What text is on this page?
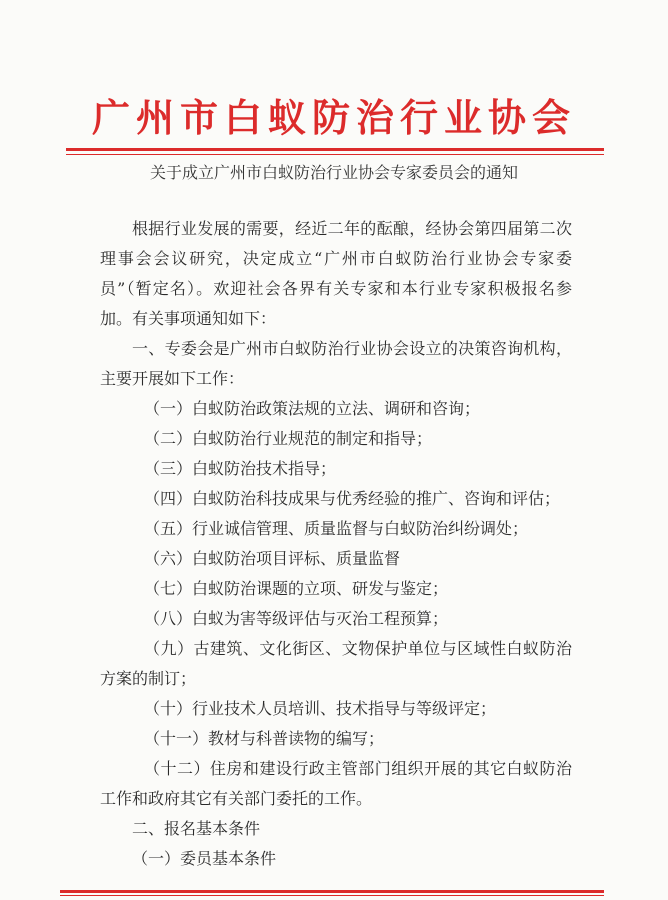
广州市白蚁防治行业协会
关于成立广州市白蚁防治行业协会专家委员会的通知

根据行业发展的需要，经近二年的酝酿，经协会第四届第二次理事会会议研究，决定成立“广州市白蚁防治行业协会专家委员”（暂定名）。欢迎社会各界有关专家和本行业专家积极报名参加。有关事项通知如下：

一、专委会是广州市白蚁防治行业协会设立的决策咨询机构，主要开展如下工作：

（一）白蚁防治政策法规的立法、调研和咨询；

（二）白蚁防治行业规范的制定和指导；

（三）白蚁防治技术指导；

（四）白蚁防治科技成果与优秀经验的推广、咨询和评估；

（五）行业诚信管理、质量监督与白蚁防治纠纷调处；

（六）白蚁防治项目评标、质量监督

（七）白蚁防治课题的立项、研发与鉴定；

（八）白蚁为害等级评估与灭治工程预算；

（九）古建筑、文化街区、文物保护单位与区域性白蚁防治方案的制订；

（十）行业技术人员培训、技术指导与等级评定；

（十一）教材与科普读物的编写；

（十二）住房和建设行政主管部门组织开展的其它白蚁防治工作和政府其它有关部门委托的工作。

二、报名基本条件

（一）委员基本条件
